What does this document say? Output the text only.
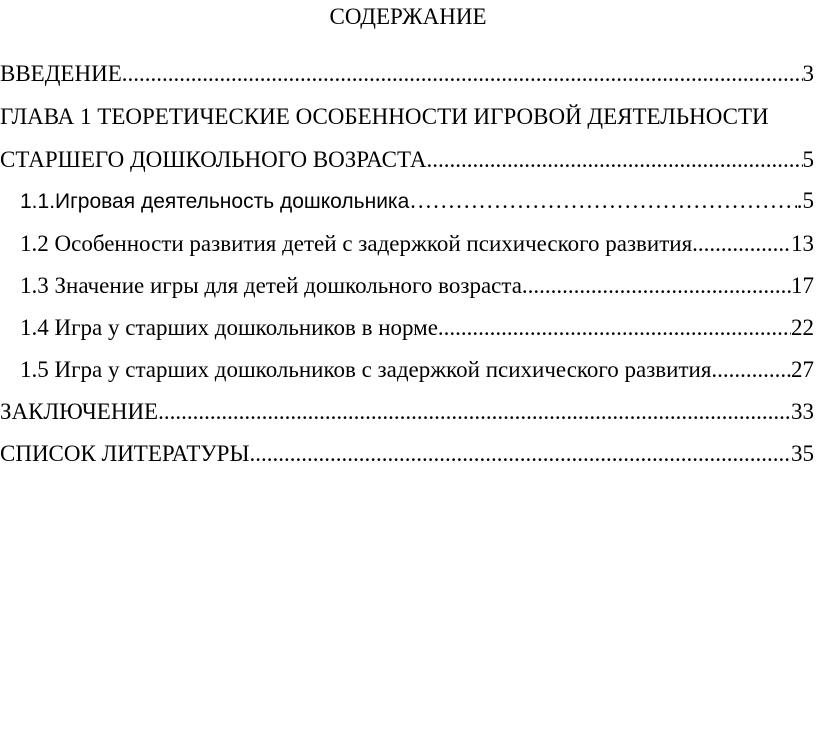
СОДЕРЖАНИЕ
ВВЕДЕНИЕ .....	3
ГЛАВА 1 ТЕОРЕТИЧЕСКИЕ ОСОБЕННОСТИ ИГРОВОЙ ДЕЯТЕЛЬНОСТИ
СТАРШЕГО ДОШКОЛЬНОГО ВОЗРАСТА .....	5
1.1.Игровая деятельность дошкольника ……………………………………………………………………………………………………………………………………………………	.5
1.2 Особенности развития детей с задержкой психического развития .....	13
1.3 Значение игры для детей дошкольного возраста .....	17
1.4 Игра у старших дошкольников в норме .....	22
1.5 Игра у старших дошкольников с задержкой психического развития .....	27
ЗАКЛЮЧЕНИЕ .....	33
СПИСОК ЛИТЕРАТУРЫ .....	35
